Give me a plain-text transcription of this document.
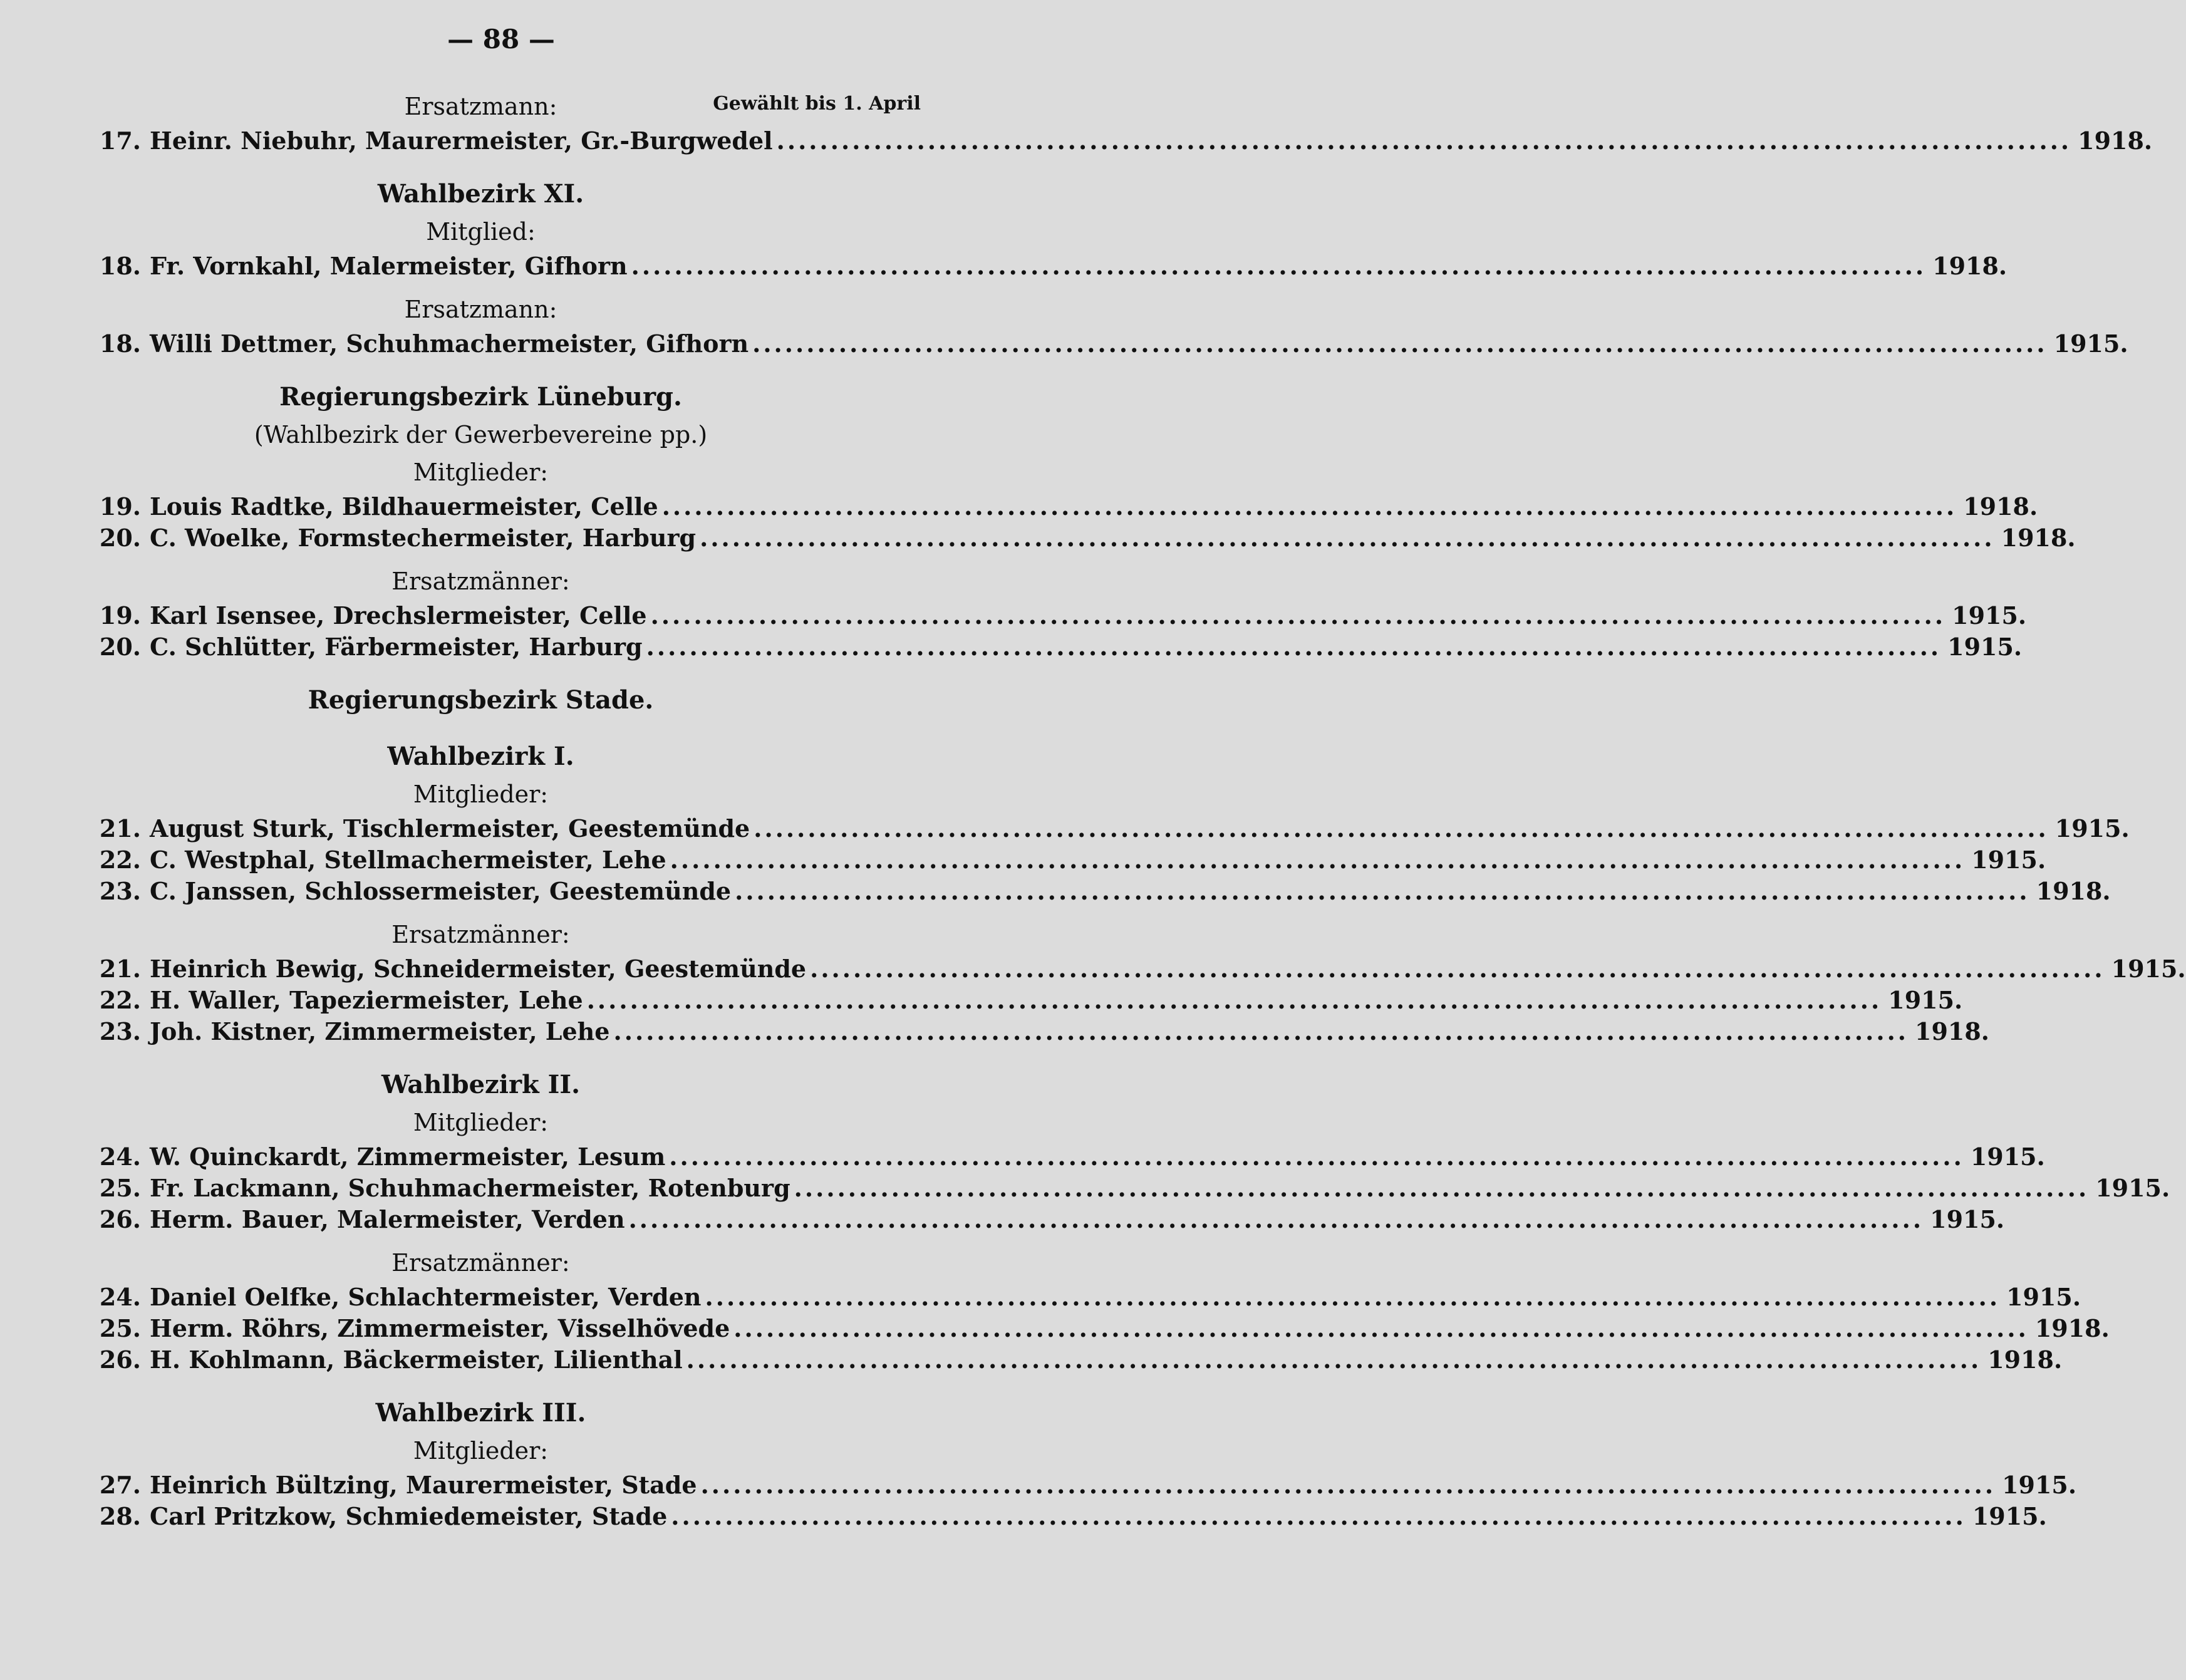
— 88 —
Ersatzmann:	Gewählt bis 1. April
17. Heinr. Niebuhr, Maurermeister, Gr.-Burgwedel .....	1918.
Wahlbezirk XI.
Mitglied:
18. Fr. Vornkahl, Malermeister, Gifhorn .....	1918.
Ersatzmann:
18. Willi Dettmer, Schuhmachermeister, Gifhorn .....	1915.
Regierungsbezirk Lüneburg.
(Wahlbezirk der Gewerbevereine pp.)
Mitglieder:
19. Louis Radtke, Bildhauermeister, Celle .....	1918.
20. C. Woelke, Formstechermeister, Harburg .....	1918.
Ersatzmänner:
19. Karl Isensee, Drechslermeister, Celle .....	1915.
20. C. Schlütter, Färbermeister, Harburg .....	1915.
Regierungsbezirk Stade.
Wahlbezirk I.
Mitglieder:
21. August Sturk, Tischlermeister, Geestemünde .....	1915.
22. C. Westphal, Stellmachermeister, Lehe .....	1915.
23. C. Janssen, Schlossermeister, Geestemünde .....	1918.
Ersatzmänner:
21. Heinrich Bewig, Schneidermeister, Geestemünde .....	1915.
22. H. Waller, Tapeziermeister, Lehe .....	1915.
23. Joh. Kistner, Zimmermeister, Lehe .....	1918.
Wahlbezirk II.
Mitglieder:
24. W. Quinckardt, Zimmermeister, Lesum .....	1915.
25. Fr. Lackmann, Schuhmachermeister, Rotenburg .....	1915.
26. Herm. Bauer, Malermeister, Verden .....	1915.
Ersatzmänner:
24. Daniel Oelfke, Schlachtermeister, Verden .....	1915.
25. Herm. Röhrs, Zimmermeister, Visselhövede .....	1918.
26. H. Kohlmann, Bäckermeister, Lilienthal .....	1918.
Wahlbezirk III.
Mitglieder:
27. Heinrich Bültzing, Maurermeister, Stade .....	1915.
28. Carl Pritzkow, Schmiedemeister, Stade .....	1915.
